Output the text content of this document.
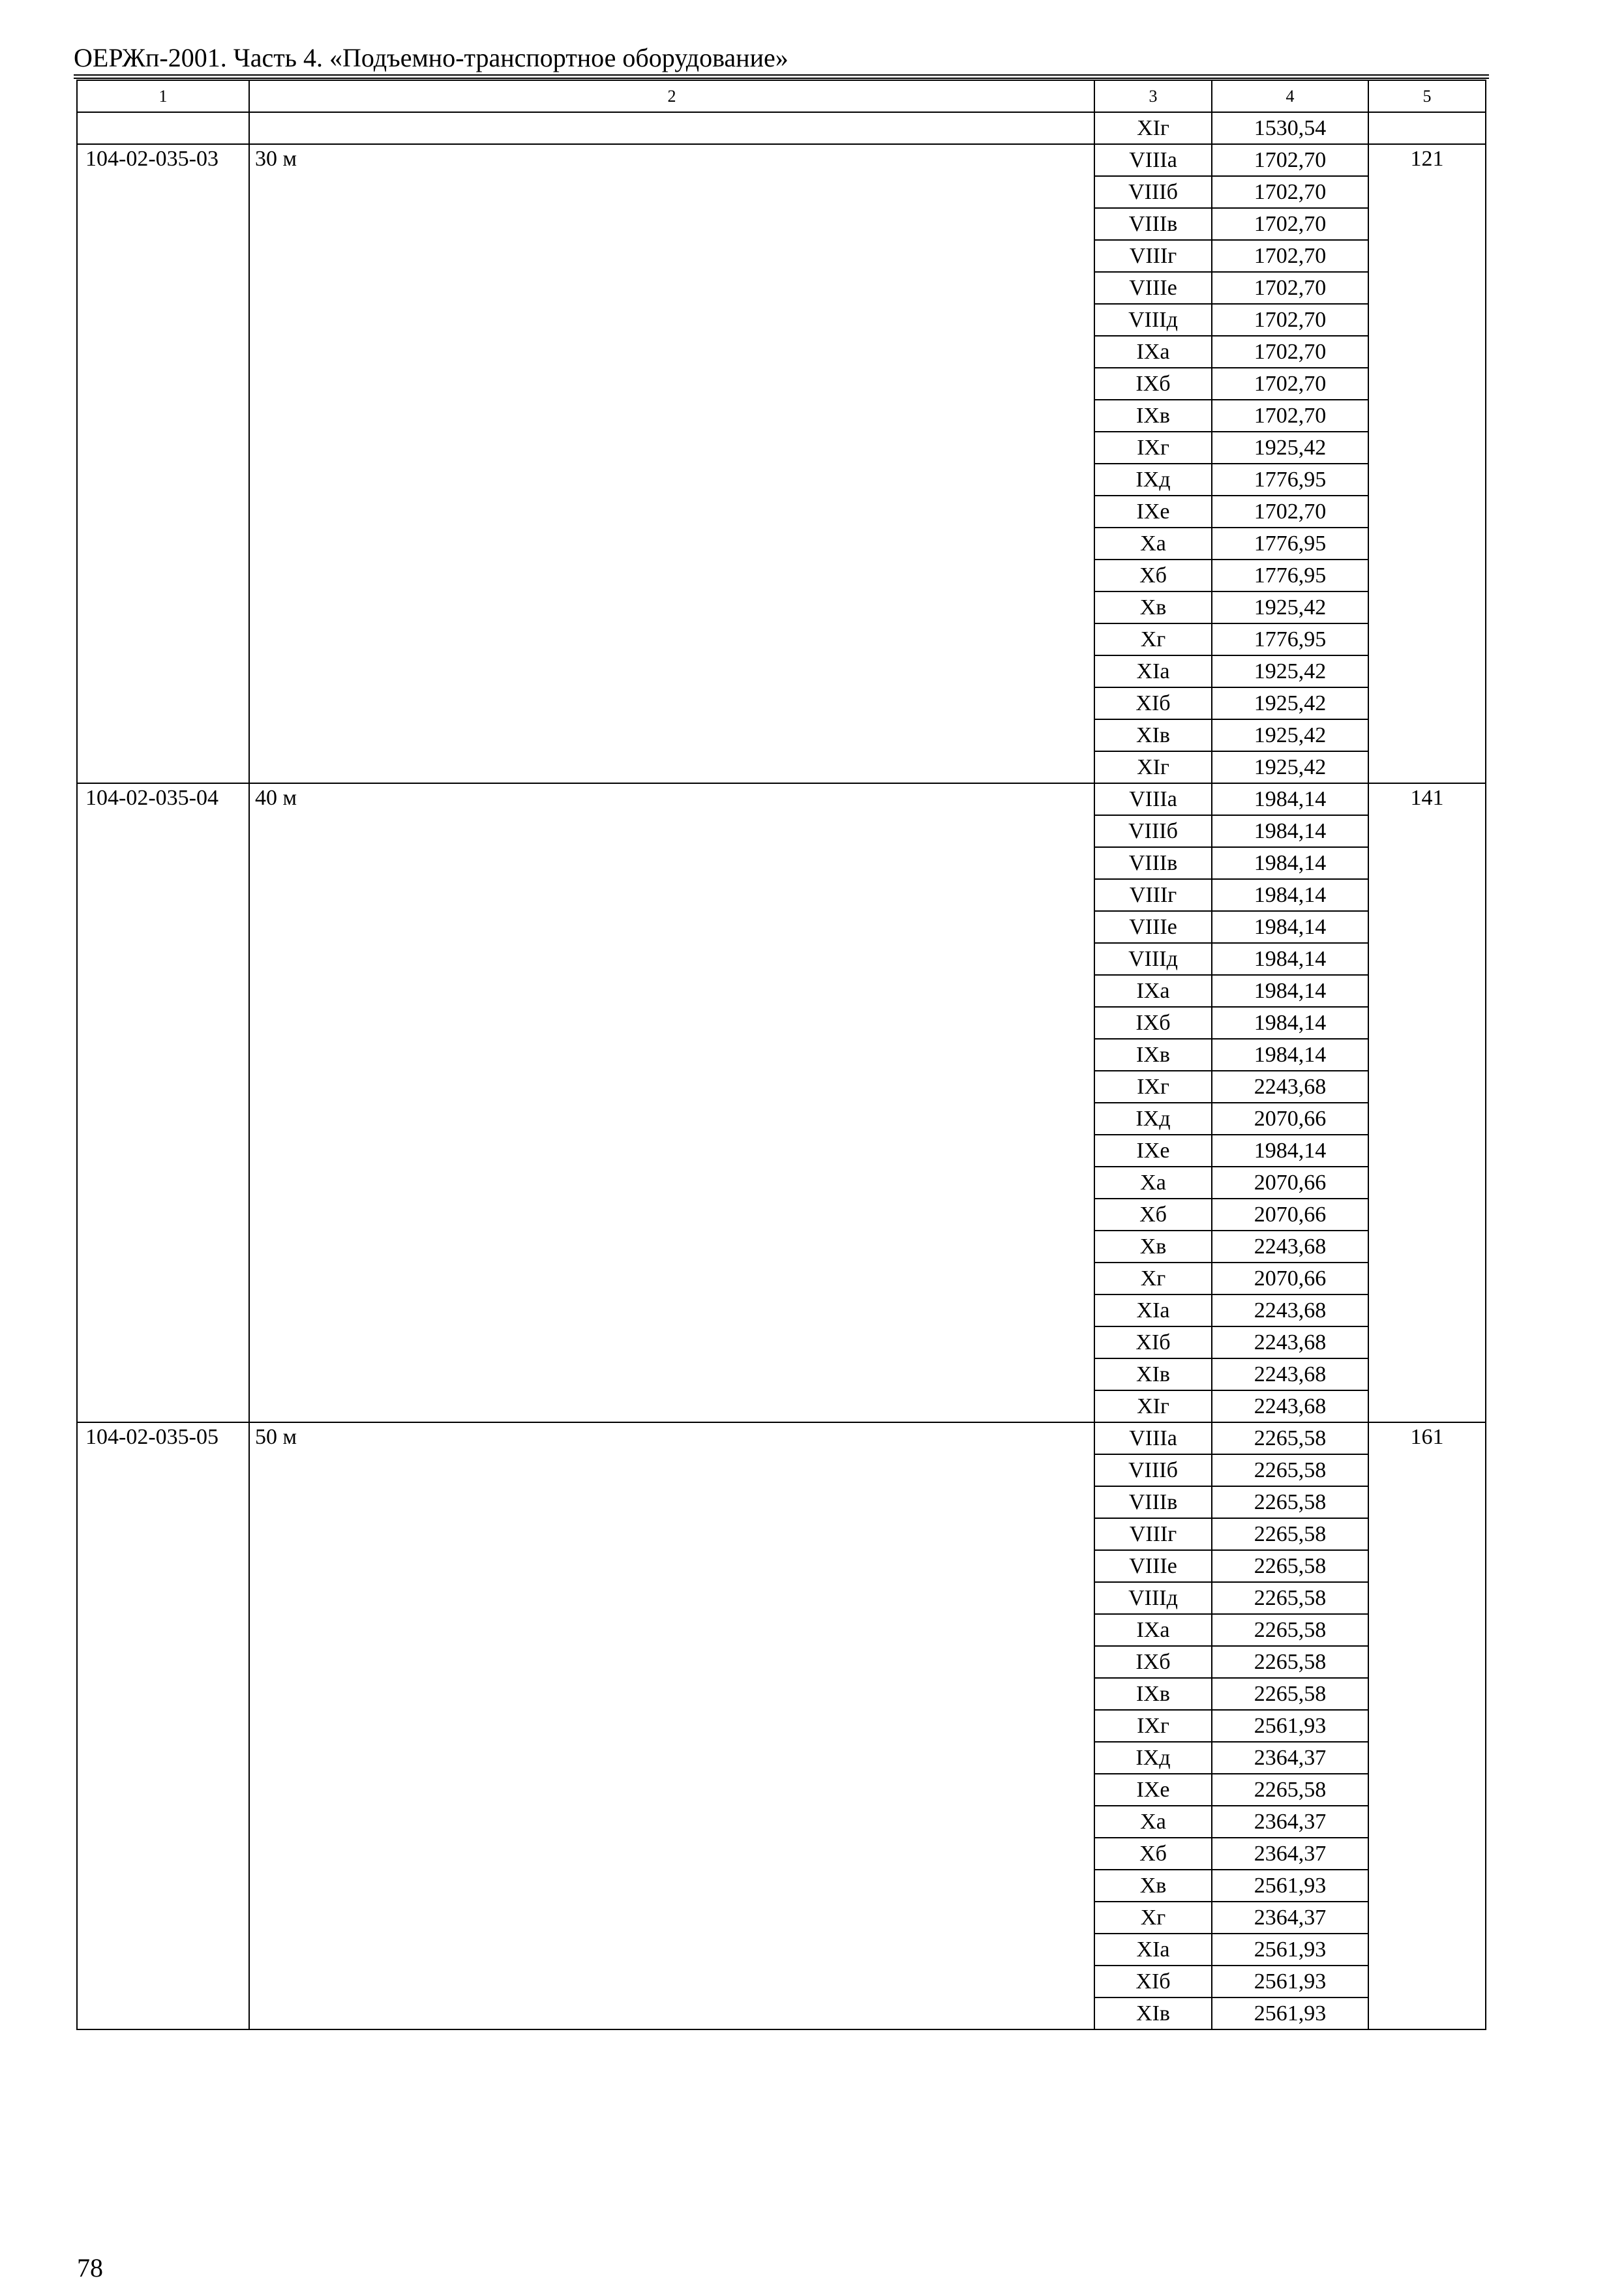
ОЕРЖп-2001. Часть 4. «Подъемно-транспортное оборудование»
1	2	3	4	5
		XIг	1530,54	
104-02-035-03	30 м	VIIIа	1702,70	121
		VIIIб	1702,70	
		VIIIв	1702,70	
		VIIIг	1702,70	
		VIIIе	1702,70	
		VIIIд	1702,70	
		IXа	1702,70	
		IXб	1702,70	
		IXв	1702,70	
		IXг	1925,42	
		IXд	1776,95	
		IXе	1702,70	
		Xа	1776,95	
		Xб	1776,95	
		Xв	1925,42	
		Xг	1776,95	
		XIа	1925,42	
		XIб	1925,42	
		XIв	1925,42	
		XIг	1925,42	
104-02-035-04	40 м	VIIIа	1984,14	141
		VIIIб	1984,14	
		VIIIв	1984,14	
		VIIIг	1984,14	
		VIIIе	1984,14	
		VIIIд	1984,14	
		IXа	1984,14	
		IXб	1984,14	
		IXв	1984,14	
		IXг	2243,68	
		IXд	2070,66	
		IXе	1984,14	
		Xа	2070,66	
		Xб	2070,66	
		Xв	2243,68	
		Xг	2070,66	
		XIа	2243,68	
		XIб	2243,68	
		XIв	2243,68	
		XIг	2243,68	
104-02-035-05	50 м	VIIIа	2265,58	161
		VIIIб	2265,58	
		VIIIв	2265,58	
		VIIIг	2265,58	
		VIIIе	2265,58	
		VIIIд	2265,58	
		IXа	2265,58	
		IXб	2265,58	
		IXв	2265,58	
		IXг	2561,93	
		IXд	2364,37	
		IXе	2265,58	
		Xа	2364,37	
		Xб	2364,37	
		Xв	2561,93	
		Xг	2364,37	
		XIа	2561,93	
		XIб	2561,93	
		XIв	2561,93	
78
